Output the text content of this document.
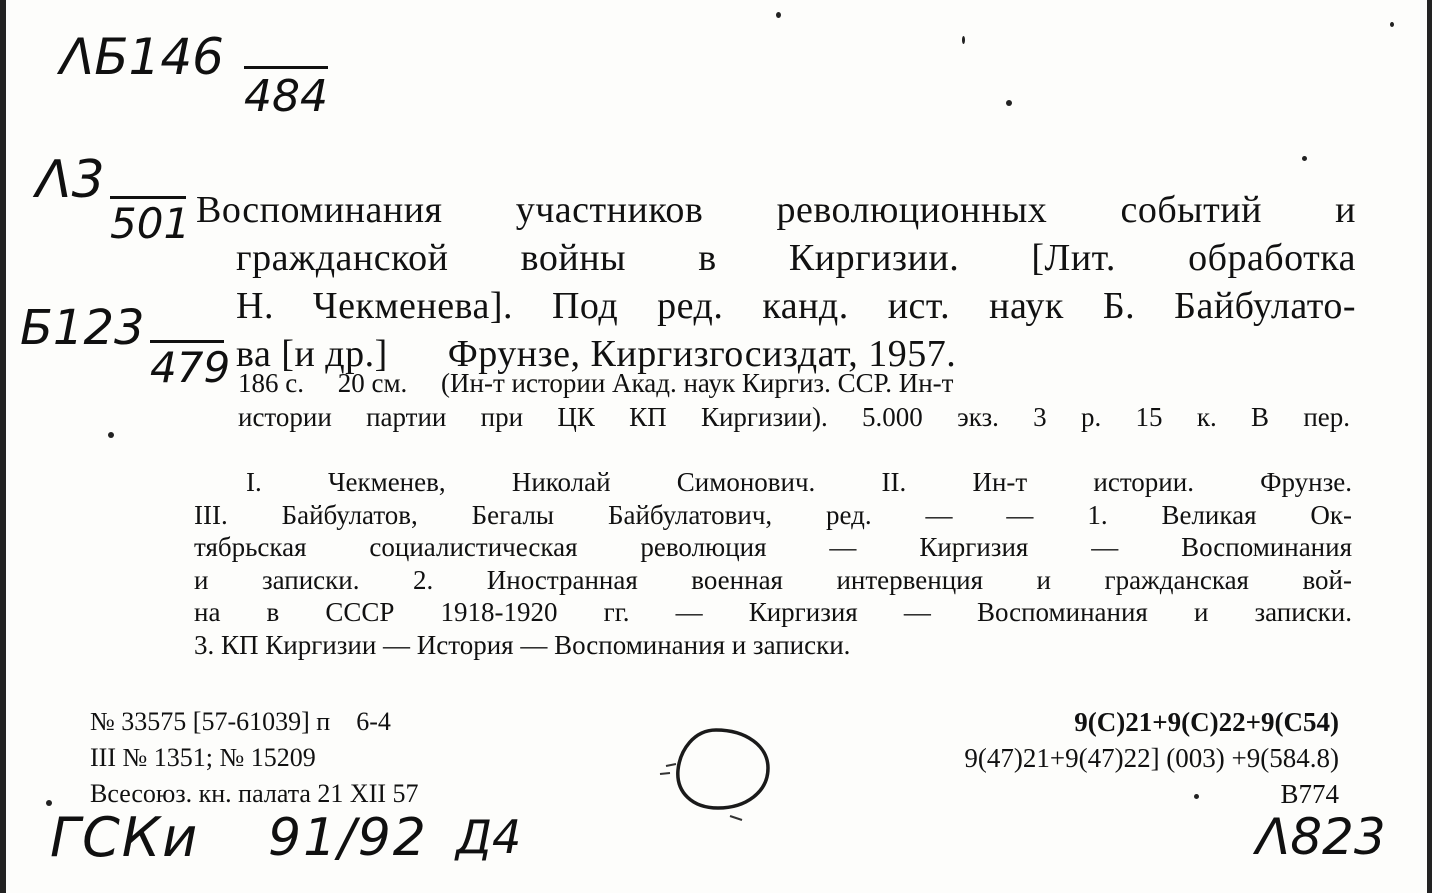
ΛБ146
484
Λ3
501
Б123
479
Воспоминания участников революционных событий и
гражданской войны в Киргизии. [Лит. обработка
Н. Чекменева]. Под ред. канд. ист. наук Б. Байбулато-
ва [и др.]      Фрунзе, Киргизгосиздат, 1957.
186 с.     20 см.     (Ин-т истории Акад. наук Киргиз. ССР. Ин-т
истории партии при ЦК КП Киргизии). 5.000 экз. 3 р. 15 к. В пер.
I. Чекменев, Николай Симонович. II. Ин-т истории. Фрунзе.
III. Байбулатов, Бегалы Байбулатович, ред. — — 1. Великая Ок-
тябрьская социалистическая революция — Киргизия — Воспоминания
и записки. 2. Иностранная военная интервенция и гражданская вой-
на в СССР 1918-1920 гг. — Киргизия — Воспоминания и записки.
3. КП Киргизии — История — Воспоминания и записки.
№ 33575 [57-61039] п    6-4
III № 1351; № 15209
Всесоюз. кн. палата 21 XII 57
9(С)21+9(С)22+9(С54)
9(47)21+9(47)22] (003) +9(584.8)
В774
ГСКи 91/92 Д4	Λ823
